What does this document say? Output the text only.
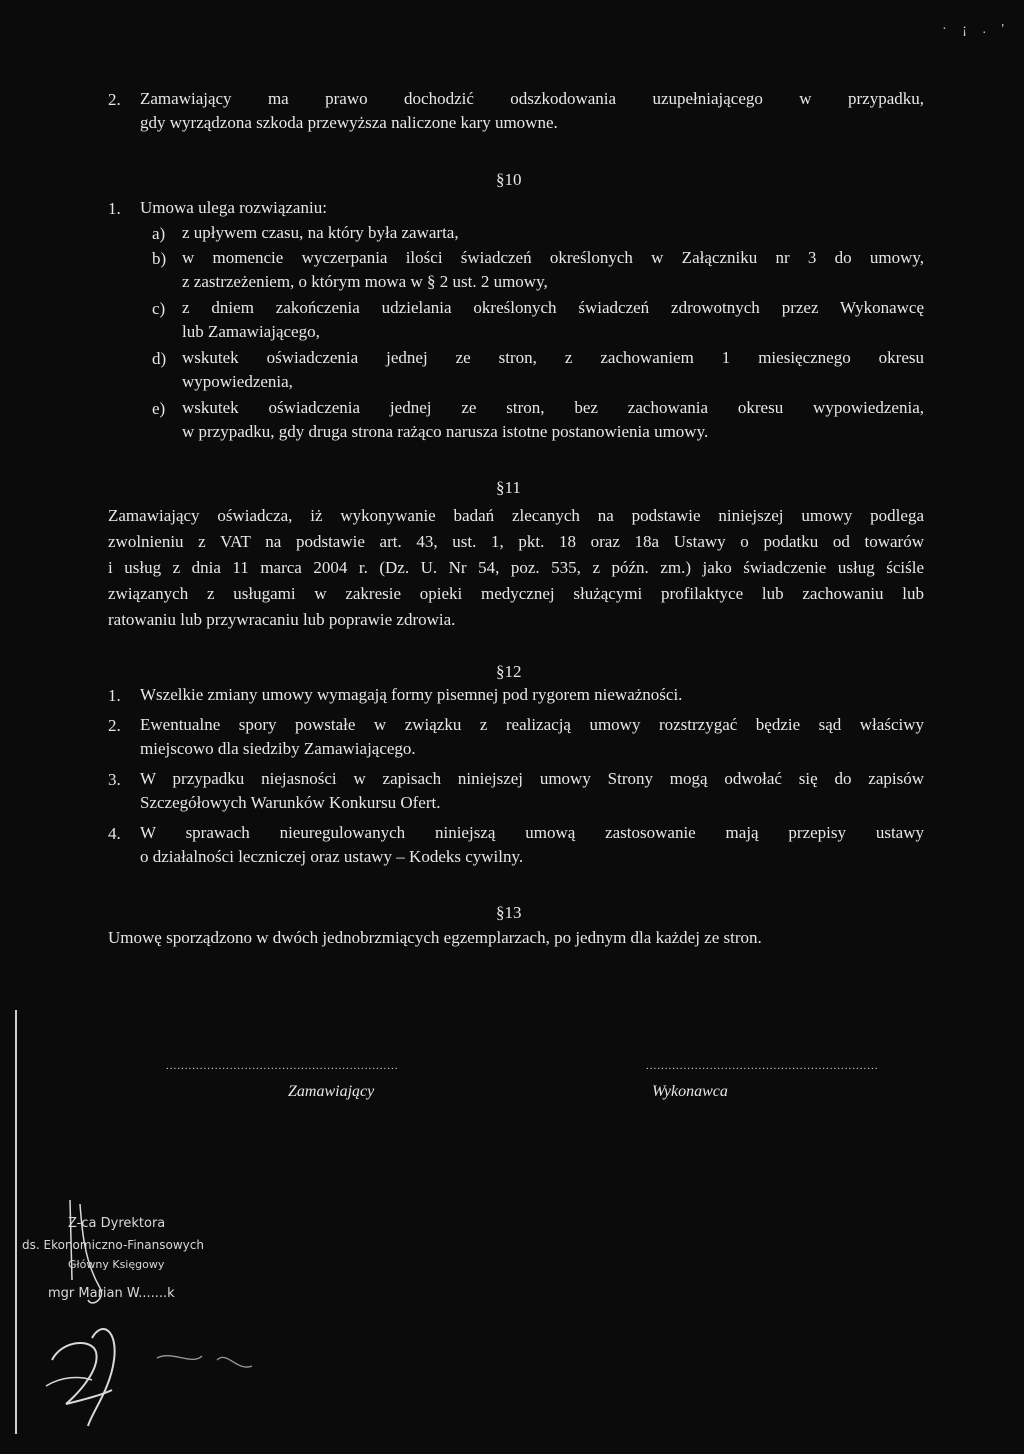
· ¡ . '
2. Zamawiający ma prawo dochodzić odszkodowania uzupełniającego w przypadku,
gdy wyrządzona szkoda przewyższa naliczone kary umowne.
§10
1. Umowa ulega rozwiązaniu:
a) z upływem czasu, na który była zawarta,
b) w momencie wyczerpania ilości świadczeń określonych w Załączniku nr 3 do umowy,
z zastrzeżeniem, o którym mowa w § 2 ust. 2 umowy,
c) z dniem zakończenia udzielania określonych świadczeń zdrowotnych przez Wykonawcę
lub Zamawiającego,
d) wskutek oświadczenia jednej ze stron, z zachowaniem 1 miesięcznego okresu
wypowiedzenia,
e) wskutek oświadczenia jednej ze stron, bez zachowania okresu wypowiedzenia,
w przypadku, gdy druga strona rażąco narusza istotne postanowienia umowy.
§11
Zamawiający oświadcza, iż wykonywanie badań zlecanych na podstawie niniejszej umowy podlega
zwolnieniu z VAT na podstawie art. 43, ust. 1, pkt. 18 oraz 18a Ustawy o podatku od towarów
i usług z dnia 11 marca 2004 r. (Dz. U. Nr 54, poz. 535, z późn. zm.) jako świadczenie usług ściśle
związanych z usługami w zakresie opieki medycznej służącymi profilaktyce lub zachowaniu lub
ratowaniu lub przywracaniu lub poprawie zdrowia.
§12
1. Wszelkie zmiany umowy wymagają formy pisemnej pod rygorem nieważności.
2. Ewentualne spory powstałe w związku z realizacją umowy rozstrzygać będzie sąd właściwy
miejscowo dla siedziby Zamawiającego.
3. W przypadku niejasności w zapisach niniejszej umowy Strony mogą odwołać się do zapisów
Szczegółowych Warunków Konkursu Ofert.
4. W sprawach nieuregulowanych niniejszą umową zastosowanie mają przepisy ustawy
o działalności leczniczej oraz ustawy – Kodeks cywilny.
§13
Umowę sporządzono w dwóch jednobrzmiących egzemplarzach, po jednym dla każdej ze stron.
..............................................................	..............................................................
Zamawiający	Wykonawca
Z-ca Dyrektora
ds. Ekonomiczno-Finansowych
Główny Księgowy
mgr Marian W.......k
